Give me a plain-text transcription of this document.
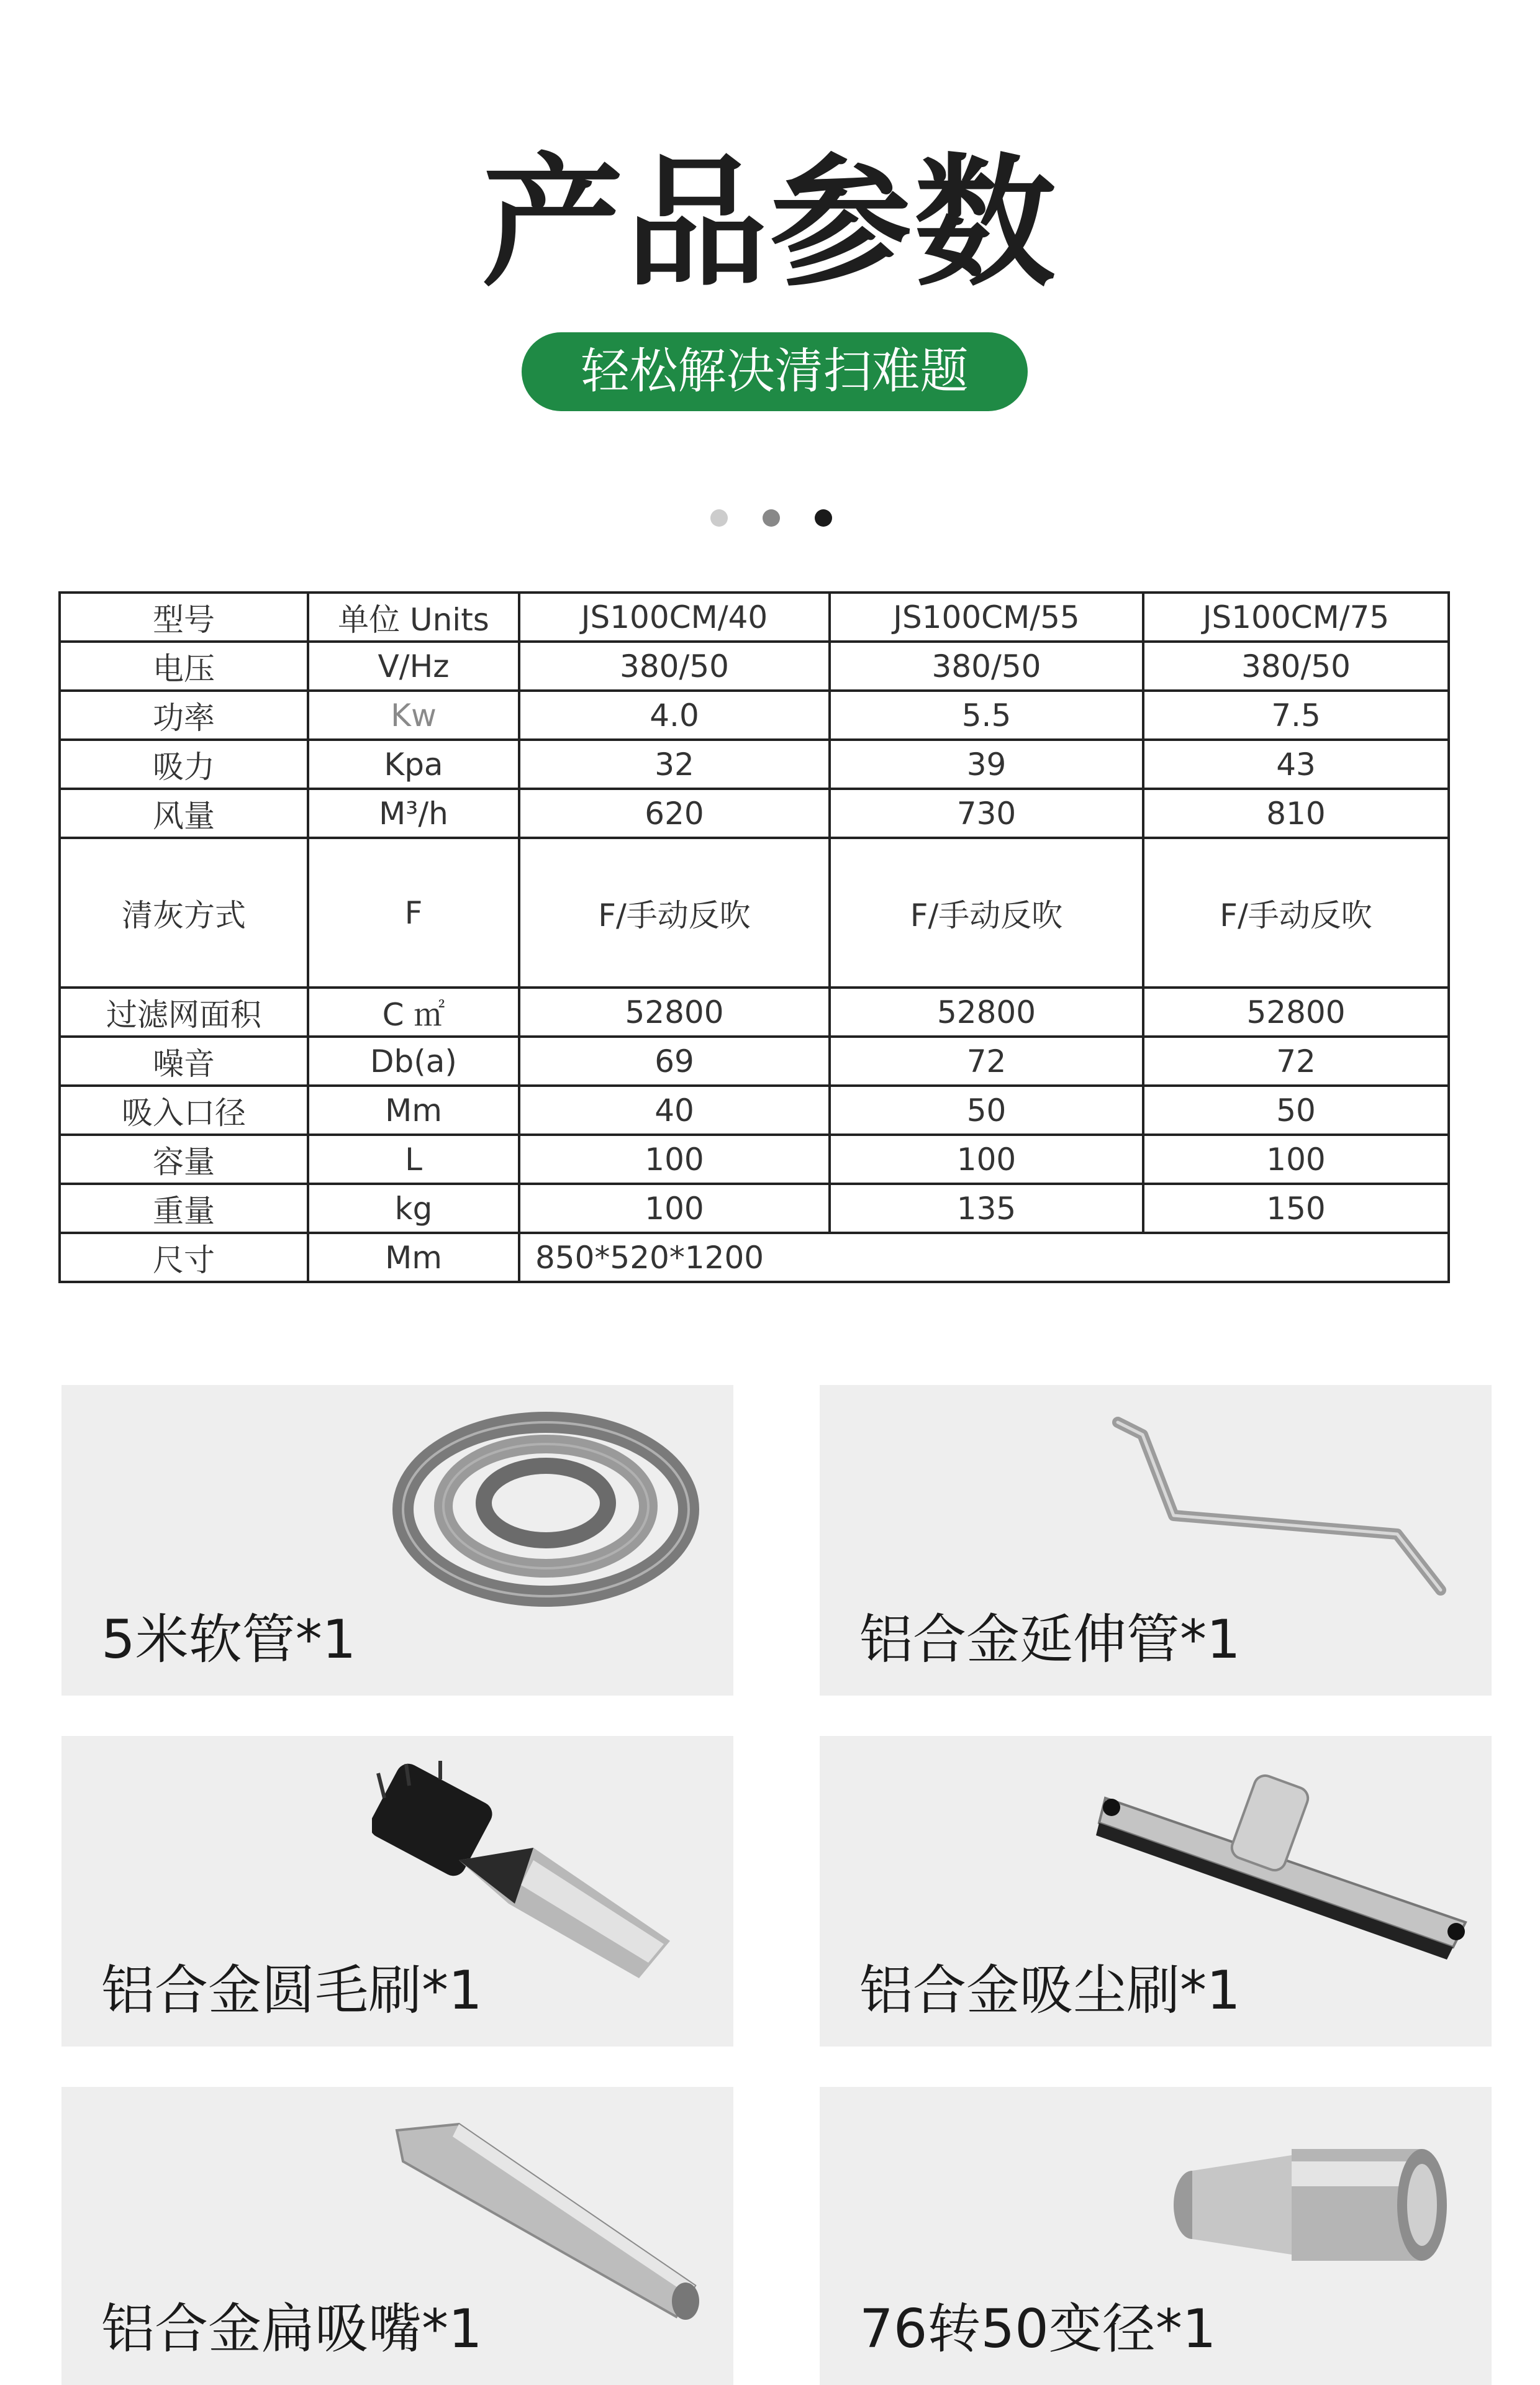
产品参数
轻松解决清扫难题
型号	单位 Units	JS100CM/40	JS100CM/55	JS100CM/75
电压	V/Hz	380/50	380/50	380/50
功率	Kw	4.0	5.5	7.5
吸力	Kpa	32	39	43
风量	M³/h	620	730	810
清灰方式	F	F/手动反吹	F/手动反吹	F/手动反吹
过滤网面积	C ㎡	52800	52800	52800
噪音	Db(a)	69	72	72
吸入口径	Mm	40	50	50
容量	L	100	100	100
重量	kg	100	135	150
尺寸	Mm	850*520*1200		
5米软管*1	铝合金延伸管*1
铝合金圆毛刷*1	铝合金吸尘刷*1
铝合金扁吸嘴*1	76转50变径*1
